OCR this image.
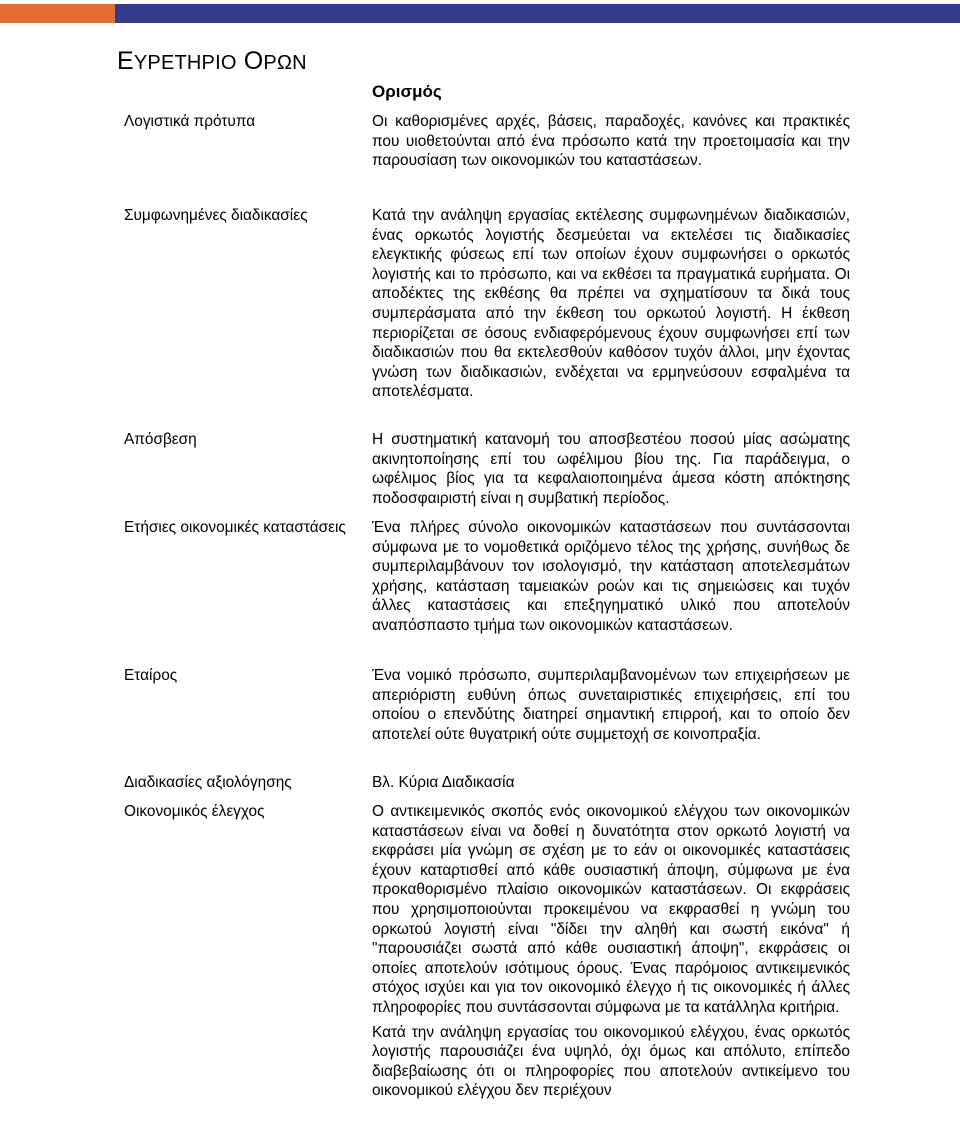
ΕΥΡΕΤΗΡΙΟ ΟΡΩΝ
Ορισμός
Λογιστικά πρότυπα	Οι καθορισμένες αρχές, βάσεις, παραδοχές, κανόνες και πρακτικές που υιοθετούνται από ένα πρόσωπο κατά την προετοιμασία και την παρουσίαση των οικονομικών του καταστάσεων.

Συμφωνημένες διαδικασίες	Κατά την ανάληψη εργασίας εκτέλεσης συμφωνημένων διαδικασιών, ένας ορκωτός λογιστής δεσμεύεται να εκτελέσει τις διαδικασίες ελεγκτικής φύσεως επί των οποίων έχουν συμφωνήσει ο ορκωτός λογιστής και το πρόσωπο, και να εκθέσει τα πραγματικά ευρήματα. Οι αποδέκτες της εκθέσης θα πρέπει να σχηματίσουν τα δικά τους συμπεράσματα από την έκθεση του ορκωτού λογιστή. Η έκθεση περιορίζεται σε όσους ενδιαφερόμενους έχουν συμφωνήσει επί των διαδικασιών που θα εκτελεσθούν καθόσον τυχόν άλλοι, μην έχοντας γνώση των διαδικασιών, ενδέχεται να ερμηνεύσουν εσφαλμένα τα αποτελέσματα.

Απόσβεση	Η συστηματική κατανομή του αποσβεστέου ποσού μίας ασώματης ακινητοποίησης επί του ωφέλιμου βίου της. Για παράδειγμα, ο ωφέλιμος βίος για τα κεφαλαιοποιημένα άμεσα κόστη απόκτησης ποδοσφαιριστή είναι η συμβατική περίοδος.

Ετήσιες οικονομικές καταστάσεις	Ένα πλήρες σύνολο οικονομικών καταστάσεων που συντάσσονται σύμφωνα με το νομοθετικά οριζόμενο τέλος της χρήσης, συνήθως δε συμπεριλαμβάνουν τον ισολογισμό, την κατάσταση αποτελεσμάτων χρήσης, κατάσταση ταμειακών ροών και τις σημειώσεις και τυχόν άλλες καταστάσεις και επεξηγηματικό υλικό που αποτελούν αναπόσπαστο τμήμα των οικονομικών καταστάσεων.

Εταίρος	Ένα νομικό πρόσωπο, συμπεριλαμβανομένων των επιχειρήσεων με απεριόριστη ευθύνη όπως συνεταιριστικές επιχειρήσεις, επί του οποίου ο επενδύτης διατηρεί σημαντική επιρροή, και το οποίο δεν αποτελεί ούτε θυγατρική ούτε συμμετοχή σε κοινοπραξία.

Διαδικασίες αξιολόγησης	Βλ. Κύρια Διαδικασία

Οικονομικός έλεγχος	Ο αντικειμενικός σκοπός ενός οικονομικού ελέγχου των οικονομικών καταστάσεων είναι να δοθεί η δυνατότητα στον ορκωτό λογιστή να εκφράσει μία γνώμη σε σχέση με το εάν οι οικονομικές καταστάσεις έχουν καταρτισθεί από κάθε ουσιαστική άποψη, σύμφωνα με ένα προκαθορισμένο πλαίσιο οικονομικών καταστάσεων. Οι εκφράσεις που χρησιμοποιούνται προκειμένου να εκφρασθεί η γνώμη του ορκωτού λογιστή είναι "δίδει την αληθή και σωστή εικόνα" ή "παρουσιάζει σωστά από κάθε ουσιαστική άποψη", εκφράσεις οι οποίες αποτελούν ισότιμους όρους. Ένας παρόμοιος αντικειμενικός στόχος ισχύει και για τον οικονομικό έλεγχο ή τις οικονομικές ή άλλες πληροφορίες που συντάσσονται σύμφωνα με τα κατάλληλα κριτήρια.

Κατά την ανάληψη εργασίας του οικονομικού ελέγχου, ένας ορκωτός λογιστής παρουσιάζει ένα υψηλό, όχι όμως και απόλυτο, επίπεδο διαβεβαίωσης ότι οι πληροφορίες που αποτελούν αντικείμενο του οικονομικού ελέγχου δεν περιέχουν
